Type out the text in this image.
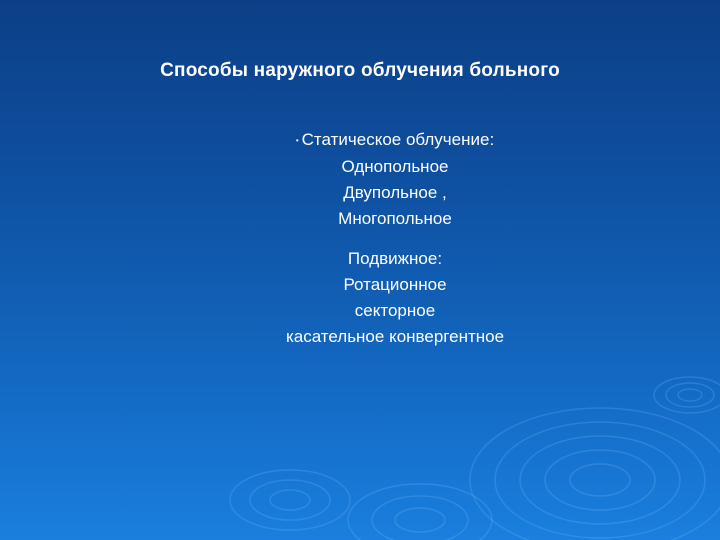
Способы наружного облучения больного
• Статическое облучение:
Однопольное
Двупольное ,
Многопольное
Подвижное:
Ротационное
секторное
касательное конвергентное
